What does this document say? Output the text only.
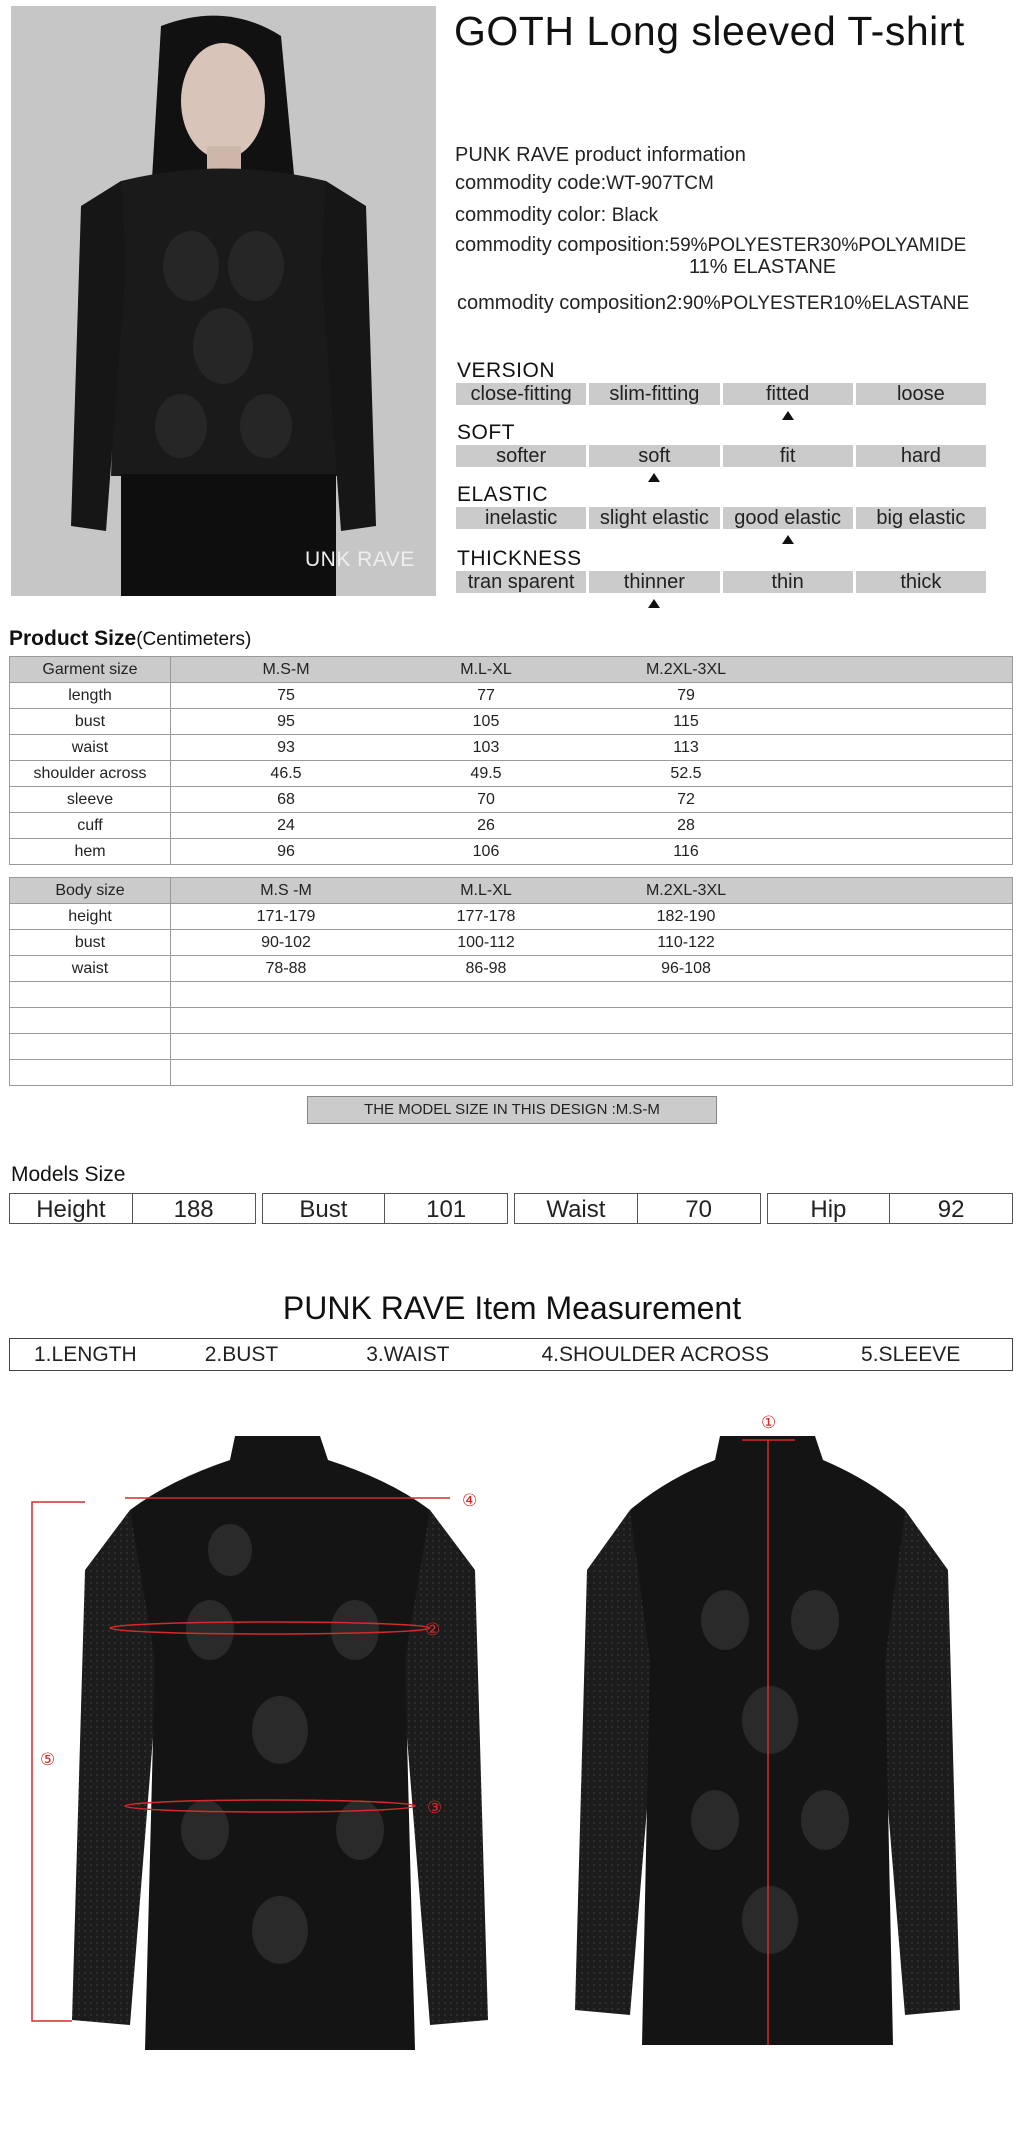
UNK RAVE
GOTH Long sleeved T-shirt
PUNK RAVE product information
commodity code:WT-907TCM
commodity color: Black
commodity composition:59%POLYESTER30%POLYAMIDE
11% ELASTANE
commodity composition2:90%POLYESTER10%ELASTANE
VERSION
close-fitting	slim-fitting	fitted	loose
SOFT
softer	soft	fit	hard
ELASTIC
inelastic	slight elastic	good elastic	big elastic
THICKNESS
tran sparent	thinner	thin	thick
Product Size(Centimeters)
Garment size	M.S-M M.L-XL M.2XL-3XL

length	75 77 79

bust	95 105 115

waist	93 103 113

shoulder across	46.5 49.5 52.5

sleeve	68 70 72

cuff	24 26 28

hem	96 106 116
Body size	M.S -M M.L-XL M.2XL-3XL

height	171-179 177-178 182-190

bust	90-102 100-112 110-122

waist	78-88 86-98 96-108

THE MODEL SIZE IN THIS DESIGN :M.S-M
Models Size
Height	188	Bust	101	Waist	70	Hip	92
PUNK RAVE Item Measurement
1.LENGTH	2.BUST	3.WAIST	4.SHOULDER ACROSS	5.SLEEVE
④
②
③
⑤
①
